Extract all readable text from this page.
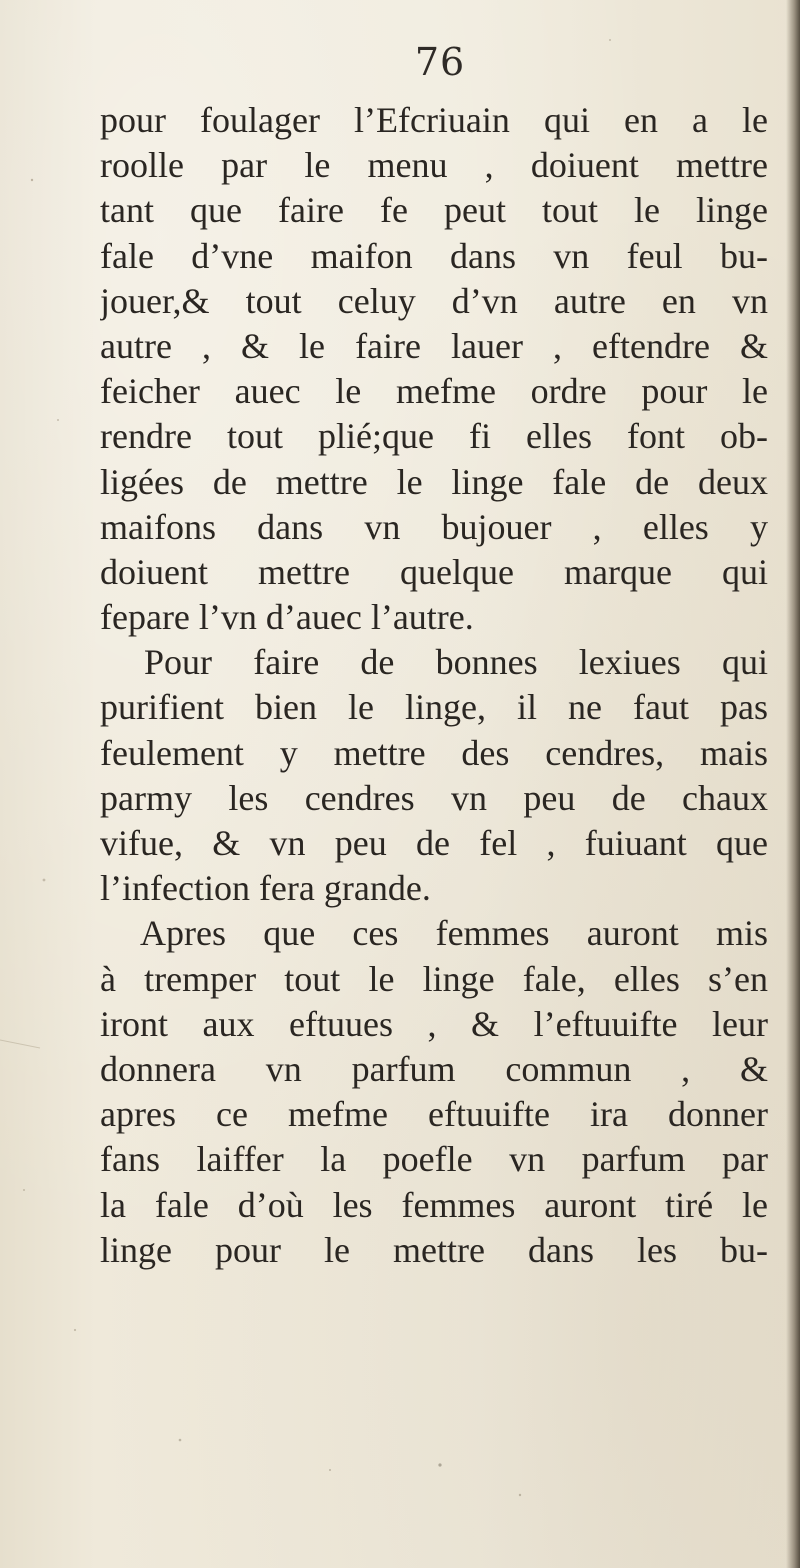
76
pour foulager l’Efcriuain qui en a le
roolle par le menu , doiuent mettre
tant que faire fe peut tout le linge
fale d’vne maifon dans vn feul bu-
jouer,& tout celuy d’vn autre en vn
autre , & le faire lauer , eftendre &
feicher auec le mefme ordre pour le
rendre tout plié;que fi elles font ob-
ligées de mettre le linge fale de deux
maifons dans vn bujouer , elles y
doiuent mettre quelque marque qui
fepare l’vn d’auec l’autre.
Pour faire de bonnes lexiues qui
purifient bien le linge, il ne faut pas
feulement y mettre des cendres, mais
parmy les cendres vn peu de chaux
vifue, & vn peu de fel , fuiuant que
l’infection fera grande.
Apres que ces femmes auront mis
à tremper tout le linge fale, elles s’en
iront aux eftuues , & l’eftuuifte leur
donnera vn parfum commun , &
apres ce mefme eftuuifte ira donner
fans laiffer la poefle vn parfum par
la fale d’où les femmes auront tiré le
linge pour le mettre dans les bu-
